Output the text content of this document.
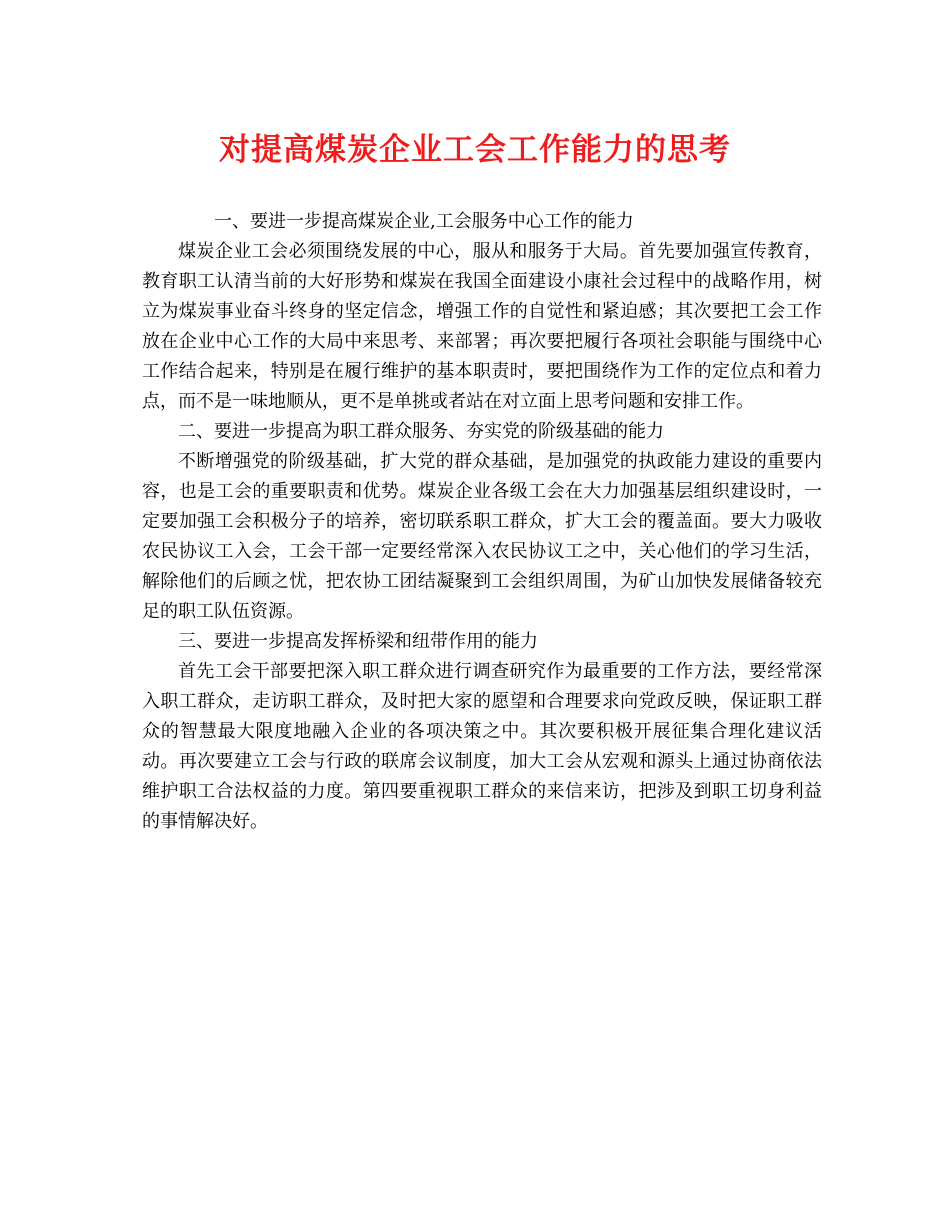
对提高煤炭企业工会工作能力的思考

一、要进一步提高煤炭企业,工会服务中心工作的能力

煤炭企业工会必须围绕发展的中心，服从和服务于大局。首先要加强宣传教育，教育职工认清当前的大好形势和煤炭在我国全面建设小康社会过程中的战略作用，树立为煤炭事业奋斗终身的坚定信念，增强工作的自觉性和紧迫感；其次要把工会工作放在企业中心工作的大局中来思考、来部署；再次要把履行各项社会职能与围绕中心工作结合起来，特别是在履行维护的基本职责时，要把围绕作为工作的定位点和着力点，而不是一味地顺从，更不是单挑或者站在对立面上思考问题和安排工作。

二、要进一步提高为职工群众服务、夯实党的阶级基础的能力

不断增强党的阶级基础，扩大党的群众基础，是加强党的执政能力建设的重要内容，也是工会的重要职责和优势。煤炭企业各级工会在大力加强基层组织建设时，一定要加强工会积极分子的培养，密切联系职工群众，扩大工会的覆盖面。要大力吸收农民协议工入会，工会干部一定要经常深入农民协议工之中，关心他们的学习生活，解除他们的后顾之忧，把农协工团结凝聚到工会组织周围，为矿山加快发展储备较充足的职工队伍资源。

三、要进一步提高发挥桥梁和纽带作用的能力

首先工会干部要把深入职工群众进行调查研究作为最重要的工作方法，要经常深入职工群众，走访职工群众，及时把大家的愿望和合理要求向党政反映，保证职工群众的智慧最大限度地融入企业的各项决策之中。其次要积极开展征集合理化建议活动。再次要建立工会与行政的联席会议制度，加大工会从宏观和源头上通过协商依法维护职工合法权益的力度。第四要重视职工群众的来信来访，把涉及到职工切身利益的事情解决好。
